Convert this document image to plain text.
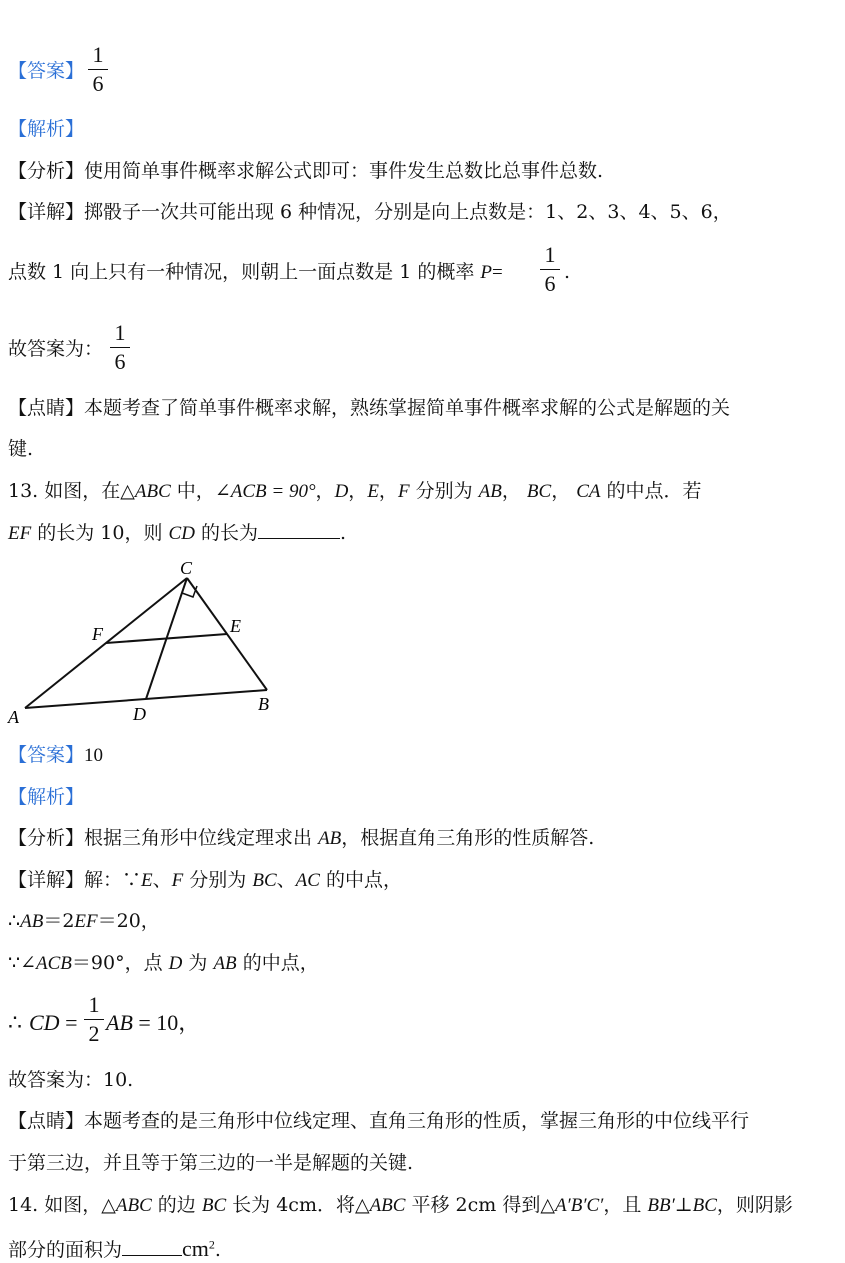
【答案】
1
6
【解析】
【分析】使用简单事件概率求解公式即可：事件发生总数比总事件总数.
【详解】掷骰子一次共可能出现 6 种情况，分别是向上点数是：1、2、3、4、5、6，
点数 1 向上只有一种情况，则朝上一面点数是 1 的概率 P=
1
6 .
故答案为：
1
6
【点睛】本题考查了简单事件概率求解，熟练掌握简单事件概率求解的公式是解题的关
键.
13. 如图，在△ABC 中，∠ACB = 90°，D，E，F 分别为 AB， BC， CA 的中点．若
EF 的长为 10，则 CD 的长为	.
C
F	E
A	D	B
【答案】10
【解析】
【分析】根据三角形中位线定理求出 AB，根据直角三角形的性质解答.
【详解】解：∵E、F 分别为 BC、AC 的中点，
∴AB＝2EF＝20，
∵∠ACB＝90°，点 D 为 AB 的中点，
∴ CD =
1
2 AB = 10，
故答案为：10.
【点睛】本题考查的是三角形中位线定理、直角三角形的性质，掌握三角形的中位线平行
于第三边，并且等于第三边的一半是解题的关键.
14. 如图，△ABC 的边 BC 长为 4cm．将△ABC 平移 2cm 得到△A′B′C′，且 BB′⊥BC，则阴影
部分的面积为	$cm^2$.
